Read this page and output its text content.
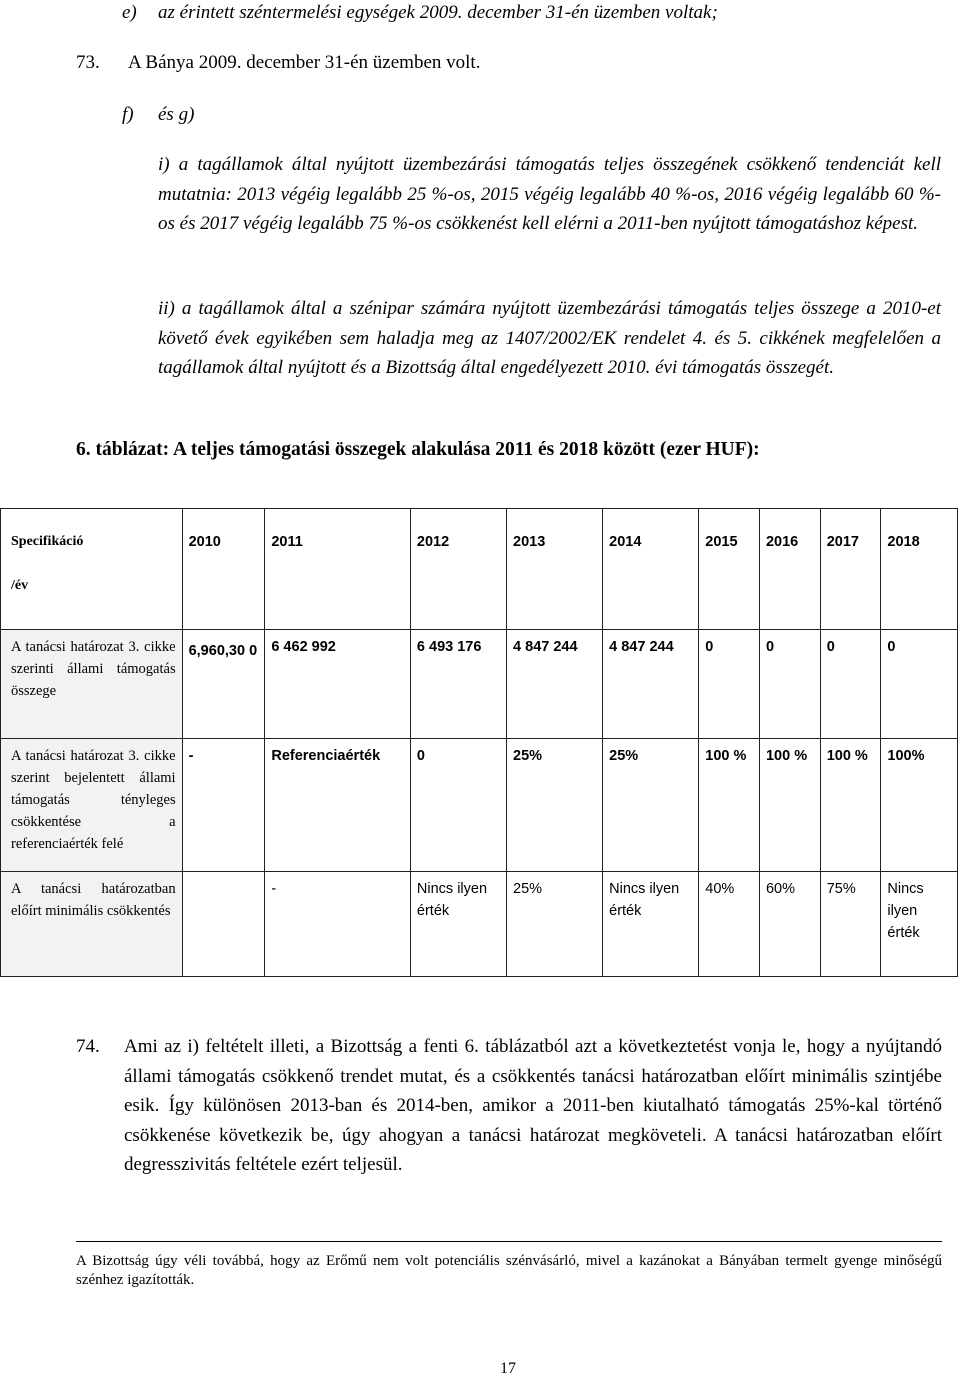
e) az érintett széntermelési egységek 2009. december 31-én üzemben voltak;
73. A Bánya 2009. december 31-én üzemben volt.
f) és g)
i) a tagállamok által nyújtott üzembezárási támogatás teljes összegének csökkenő tendenciát kell mutatnia: 2013 végéig legalább 25 %-os, 2015 végéig legalább 40 %-os, 2016 végéig legalább 60 %-os és 2017 végéig legalább 75 %-os csökkenést kell elérni a 2011-ben nyújtott támogatáshoz képest.
ii) a tagállamok által a szénipar számára nyújtott üzembezárási támogatás teljes összege a 2010-et követő évek egyikében sem haladja meg az 1407/2002/EK rendelet 4. és 5. cikkének megfelelően a tagállamok által nyújtott és a Bizottság által engedélyezett 2010. évi támogatás összegét.
6. táblázat: A teljes támogatási összegek alakulása 2011 és 2018 között (ezer HUF):
Specifikáció
/év	2010	2011	2012	2013	2014	2015	2016	2017	2018

A tanácsi határozat 3. cikke szerinti állami támogatás összege	6,960,30 0	6 462 992	6 493 176	4 847 244	4 847 244	0	0	0	0
A tanácsi határozat 3. cikke szerint bejelentett állami támogatás tényleges csökkentése a referenciaérték felé	-	Referenciaérték	0	25%	25%	100 %	100 %	100 %	100%
A tanácsi határozatban előírt minimális csökkentés		-	Nincs ilyen érték	25%	Nincs ilyen érték	40%	60%	75%	Nincs ilyen érték
74. Ami az i) feltételt illeti, a Bizottság a fenti 6. táblázatból azt a következtetést vonja le, hogy a nyújtandó állami támogatás csökkenő trendet mutat, és a csökkentés tanácsi határozatban előírt minimális szintjébe esik. Így különösen 2013-ban és 2014-ben, amikor a 2011-ben kiutalható támogatás 25%-kal történő csökkenése következik be, úgy ahogyan a tanácsi határozat megköveteli. A tanácsi határozatban előírt degresszivitás feltétele ezért teljesül.
A Bizottság úgy véli továbbá, hogy az Erőmű nem volt potenciális szénvásárló, mivel a kazánokat a Bányában termelt gyenge minőségű szénhez igazították.
17
